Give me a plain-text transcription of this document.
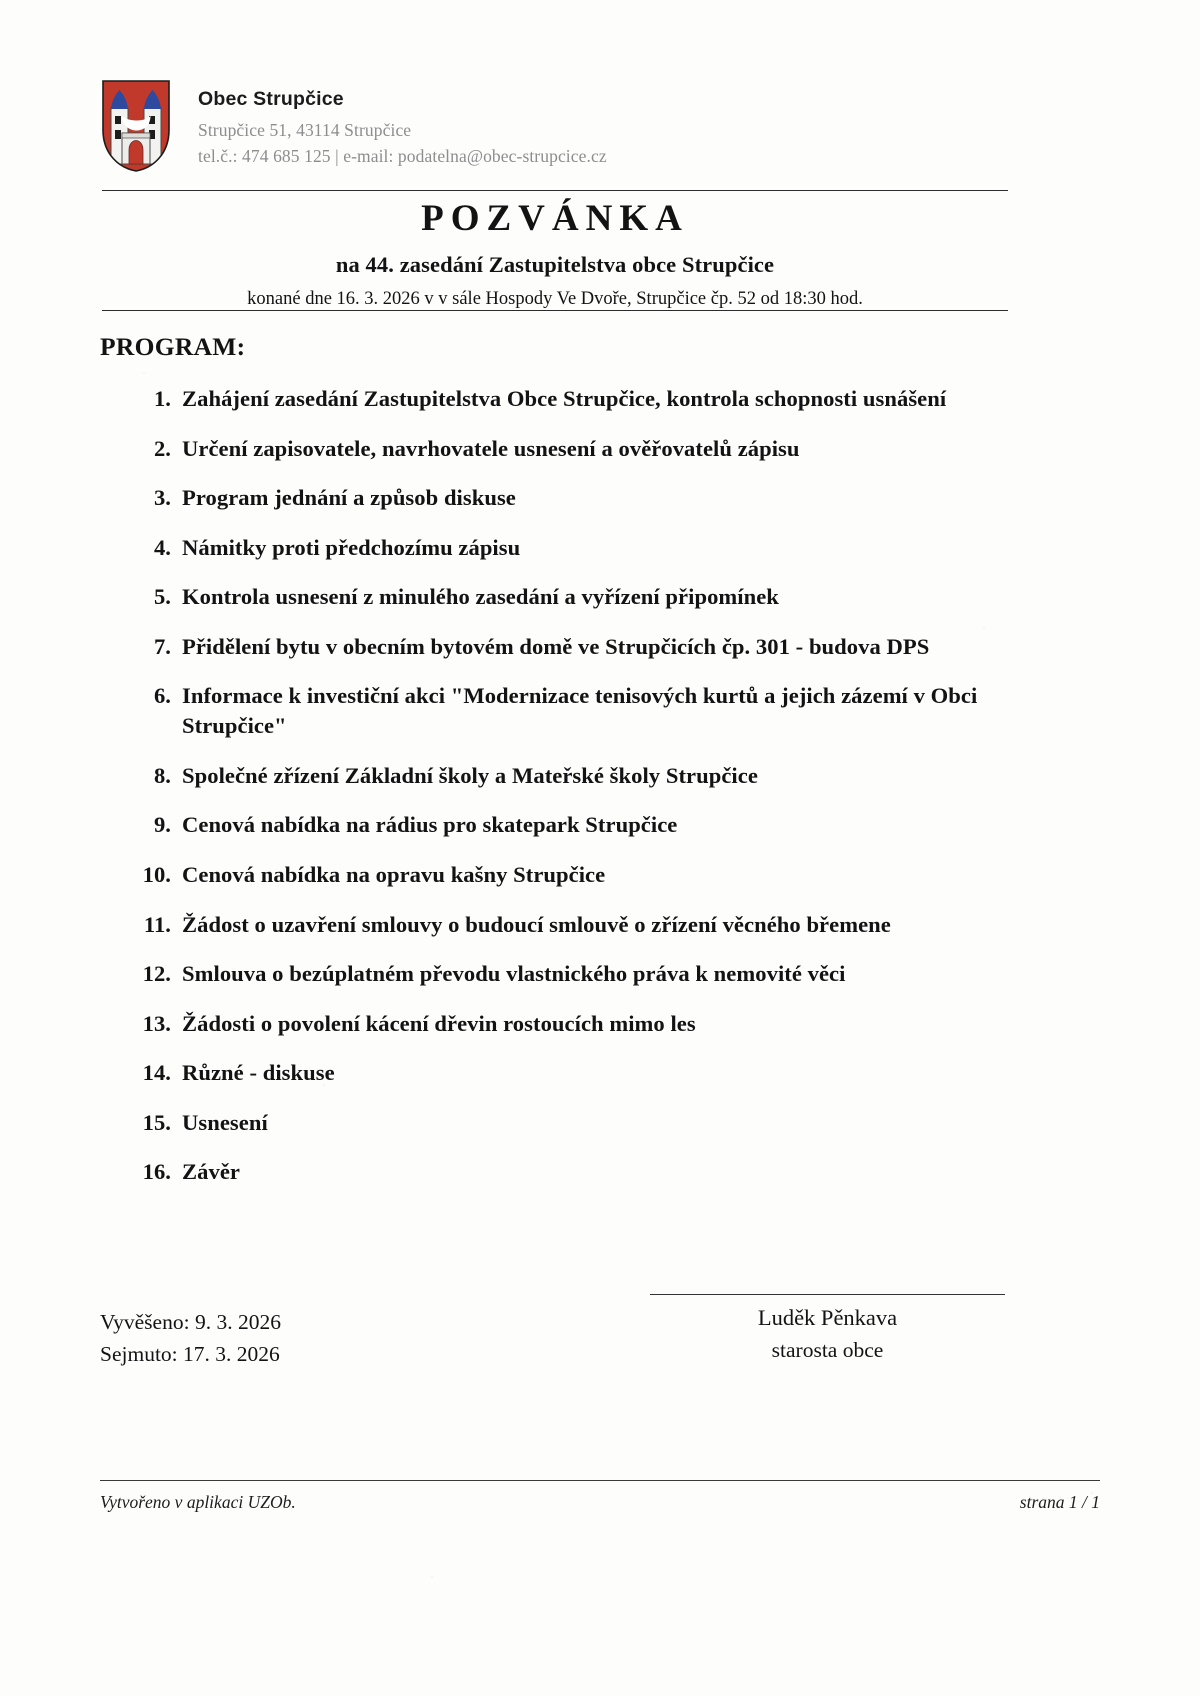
Obec Strupčice
Strupčice 51, 43114 Strupčice
tel.č.: 474 685 125 | e-mail: podatelna@obec-strupcice.cz
POZVÁNKA
na 44. zasedání Zastupitelstva obce Strupčice
konané dne 16. 3. 2026 v v sále Hospody Ve Dvoře, Strupčice čp. 52 od 18:30 hod.
PROGRAM:
1. Zahájení zasedání Zastupitelstva Obce Strupčice, kontrola schopnosti usnášení
2. Určení zapisovatele, navrhovatele usnesení a ověřovatelů zápisu
3. Program jednání a způsob diskuse
4. Námitky proti předchozímu zápisu
5. Kontrola usnesení z minulého zasedání a vyřízení připomínek
7. Přidělení bytu v obecním bytovém domě ve Strupčicích čp. 301 - budova DPS
6. Informace k investiční akci "Modernizace tenisových kurtů a jejich zázemí v Obci Strupčice"
8. Společné zřízení Základní školy a Mateřské školy Strupčice
9. Cenová nabídka na rádius pro skatepark Strupčice
10. Cenová nabídka na opravu kašny Strupčice
11. Žádost o uzavření smlouvy o budoucí smlouvě o zřízení věcného břemene
12. Smlouva o bezúplatném převodu vlastnického práva k nemovité věci
13. Žádosti o povolení kácení dřevin rostoucích mimo les
14. Různé - diskuse
15. Usnesení
16. Závěr
Vyvěšeno: 9. 3. 2026
Sejmuto: 17. 3. 2026
Luděk Pěnkava
starosta obce
Vytvořeno v aplikaci UZOb.	strana 1 / 1
